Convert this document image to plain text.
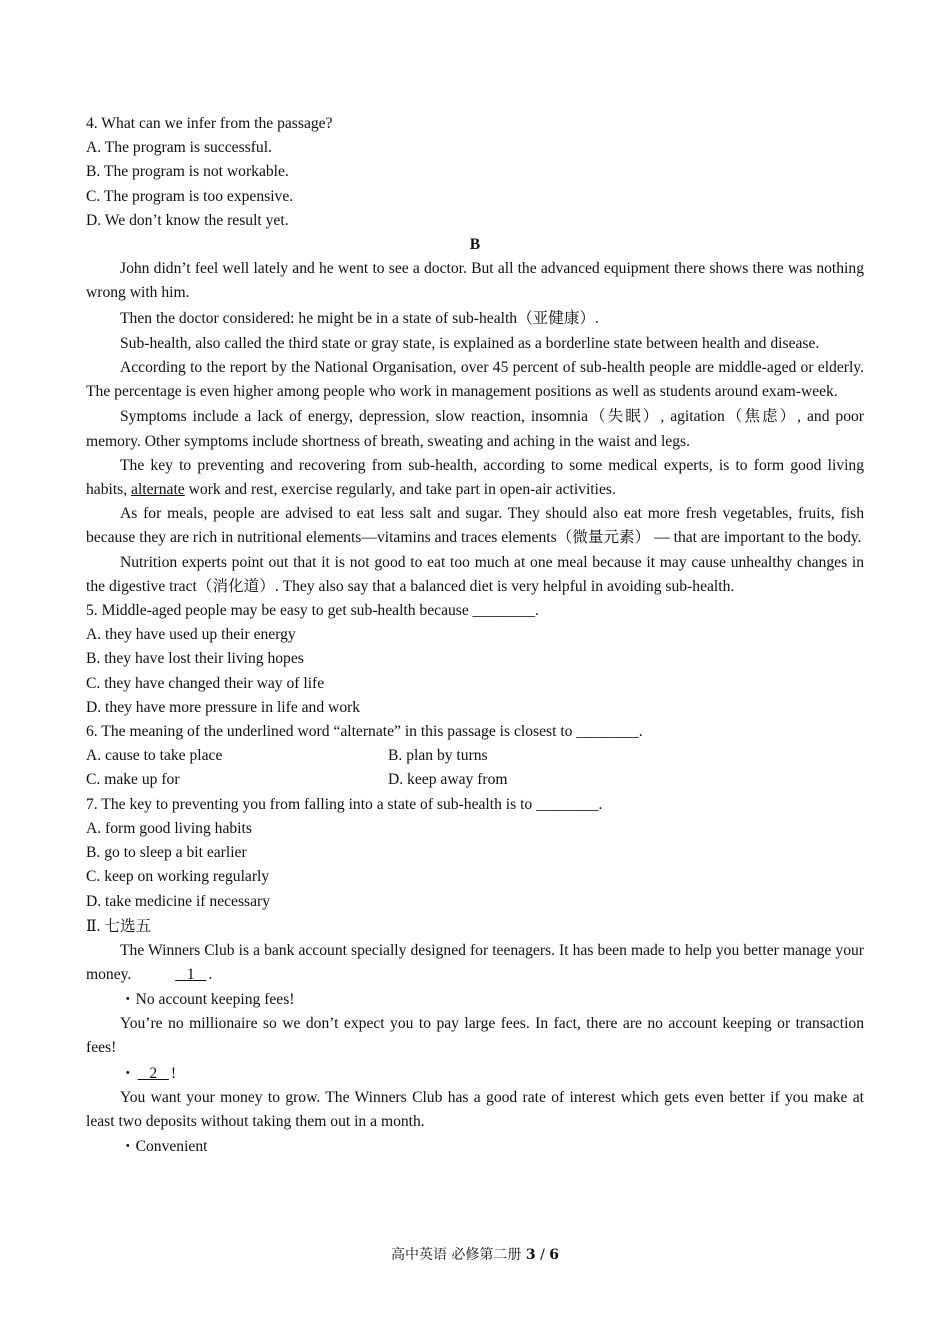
4. What can we infer from the passage?

A. The program is successful.

B. The program is not workable.

C. The program is too expensive.

D. We don’t know the result yet.

B

John didn’t feel well lately and he went to see a doctor. But all the advanced equipment there shows there was nothing wrong with him.

Then the doctor considered: he might be in a state of sub-health（亚健康）.

Sub-health, also called the third state or gray state, is explained as a borderline state between health and disease.

According to the report by the National Organisation, over 45 percent of sub-health people are middle-aged or elderly. The percentage is even higher among people who work in management positions as well as students around exam-week.

Symptoms include a lack of energy, depression, slow reaction, insomnia（失眠）, agitation（焦虑）, and poor memory. Other symptoms include shortness of breath, sweating and aching in the waist and legs.

The key to preventing and recovering from sub-health, according to some medical experts, is to form good living habits, alternate work and rest, exercise regularly, and take part in open-air activities.

As for meals, people are advised to eat less salt and sugar. They should also eat more fresh vegetables, fruits, fish because they are rich in nutritional elements—vitamins and traces elements（微量元素） — that are important to the body.

Nutrition experts point out that it is not good to eat too much at one meal because it may cause unhealthy changes in the digestive tract（消化道）. They also say that a balanced diet is very helpful in avoiding sub-health.

5. Middle-aged people may be easy to get sub-health because ________.

A. they have used up their energy

B. they have lost their living hopes

C. they have changed their way of life

D. they have more pressure in life and work

6. The meaning of the underlined word “alternate” in this passage is closest to ________.

A. cause to take place	B. plan by turns
C. make up for	D. keep away from

7. The key to preventing you from falling into a state of sub-health is to ________.

A. form good living habits

B. go to sleep a bit earlier

C. keep on working regularly

D. take medicine if necessary

Ⅱ. 七选五

The Winners Club is a bank account specially designed for teenagers. It has been made to help you better manage your money.	1 .

・No account keeping fees!

You’re no millionaire so we don’t expect you to pay large fees. In fact, there are no account keeping or transaction fees!

・ 2 !

You want your money to grow. The Winners Club has a good rate of interest which gets even better if you make at least two deposits without taking them out in a month.

・Convenient

高中英语 必修第二册 3 / 6
